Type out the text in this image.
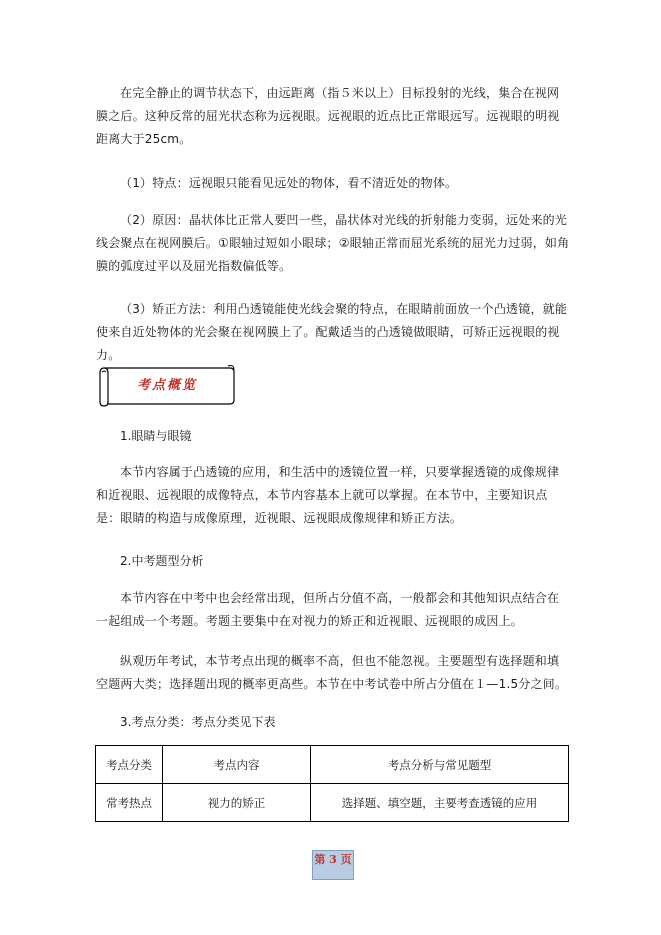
在完全静止的调节状态下，由远距离（指５米以上）目标投射的光线，集合在视网膜之后。这种反常的屈光状态称为远视眼。远视眼的近点比正常眼远写。远视眼的明视距离大于25cm。

（1）特点：远视眼只能看见远处的物体，看不清近处的物体。

（2）原因：晶状体比正常人要凹一些，晶状体对光线的折射能力变弱，远处来的光线会聚点在视网膜后。①眼轴过短如小眼球；②眼轴正常而屈光系统的屈光力过弱，如角膜的弧度过平以及屈光指数偏低等。

（3）矫正方法：利用凸透镜能使光线会聚的特点，在眼睛前面放一个凸透镜，就能使来自近处物体的光会聚在视网膜上了。配戴适当的凸透镜做眼睛，可矫正远视眼的视力。

考点概览

1.眼睛与眼镜

本节内容属于凸透镜的应用，和生活中的透镜位置一样，只要掌握透镜的成像规律和近视眼、远视眼的成像特点，本节内容基本上就可以掌握。在本节中，主要知识点是：眼睛的构造与成像原理，近视眼、远视眼成像规律和矫正方法。

2.中考题型分析

本节内容在中考中也会经常出现，但所占分值不高，一般都会和其他知识点结合在一起组成一个考题。考题主要集中在对视力的矫正和近视眼、远视眼的成因上。

纵观历年考试，本节考点出现的概率不高，但也不能忽视。主要题型有选择题和填空题两大类；选择题出现的概率更高些。本节在中考试卷中所占分值在１—1.5分之间。

3.考点分类：考点分类见下表

考点分类	考点内容	考点分析与常见题型
常考热点	视力的矫正	选择题、填空题，主要考查透镜的应用
第 3 页
